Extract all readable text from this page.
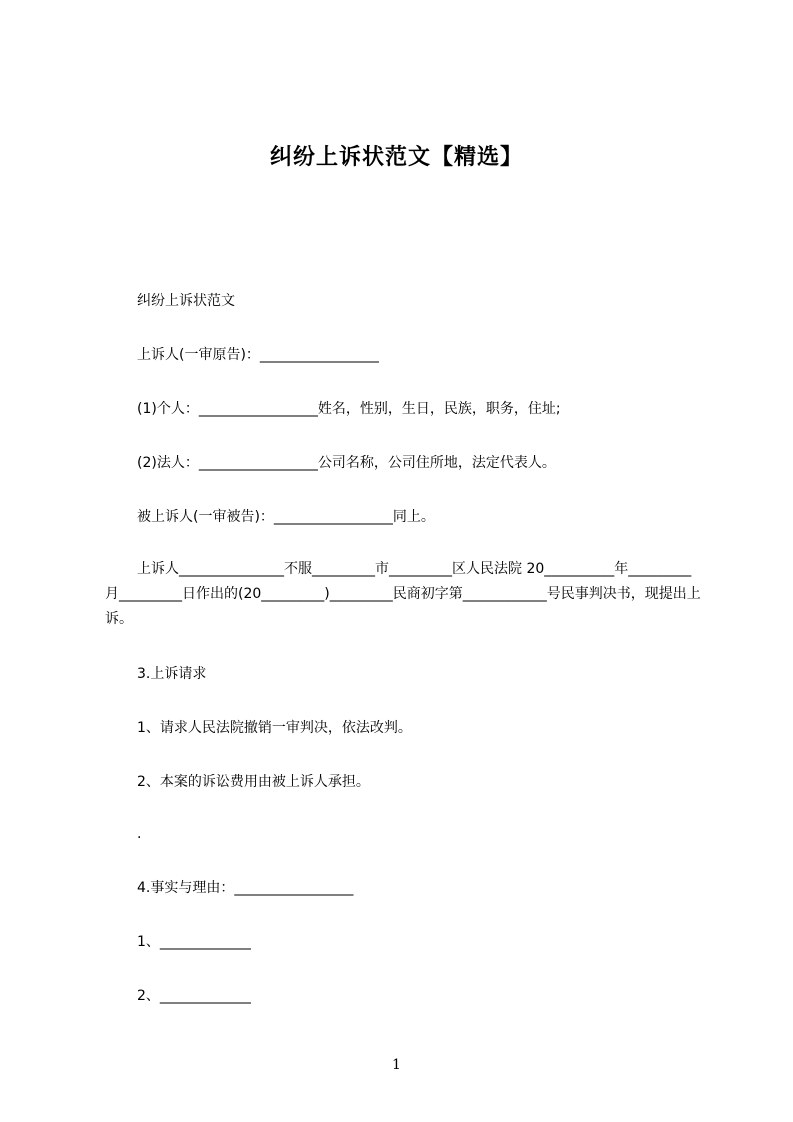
纠纷上诉状范文【精选】
纠纷上诉状范文
上诉人(一审原告)：_________________
(1)个人：_________________姓名，性别，生日，民族，职务，住址;
(2)法人：_________________公司名称，公司住所地，法定代表人。
被上诉人(一审被告)：_________________同上。
上诉人_______________不服_________市_________区人民法院 20__________年_________月_________日作出的(20_________)_________民商初字第____________号民事判决书，现提出上诉。
3.上诉请求
1、请求人民法院撤销一审判决，依法改判。
2、本案的诉讼费用由被上诉人承担。
.
4.事实与理由：_________________
1、_____________
2、_____________
1
